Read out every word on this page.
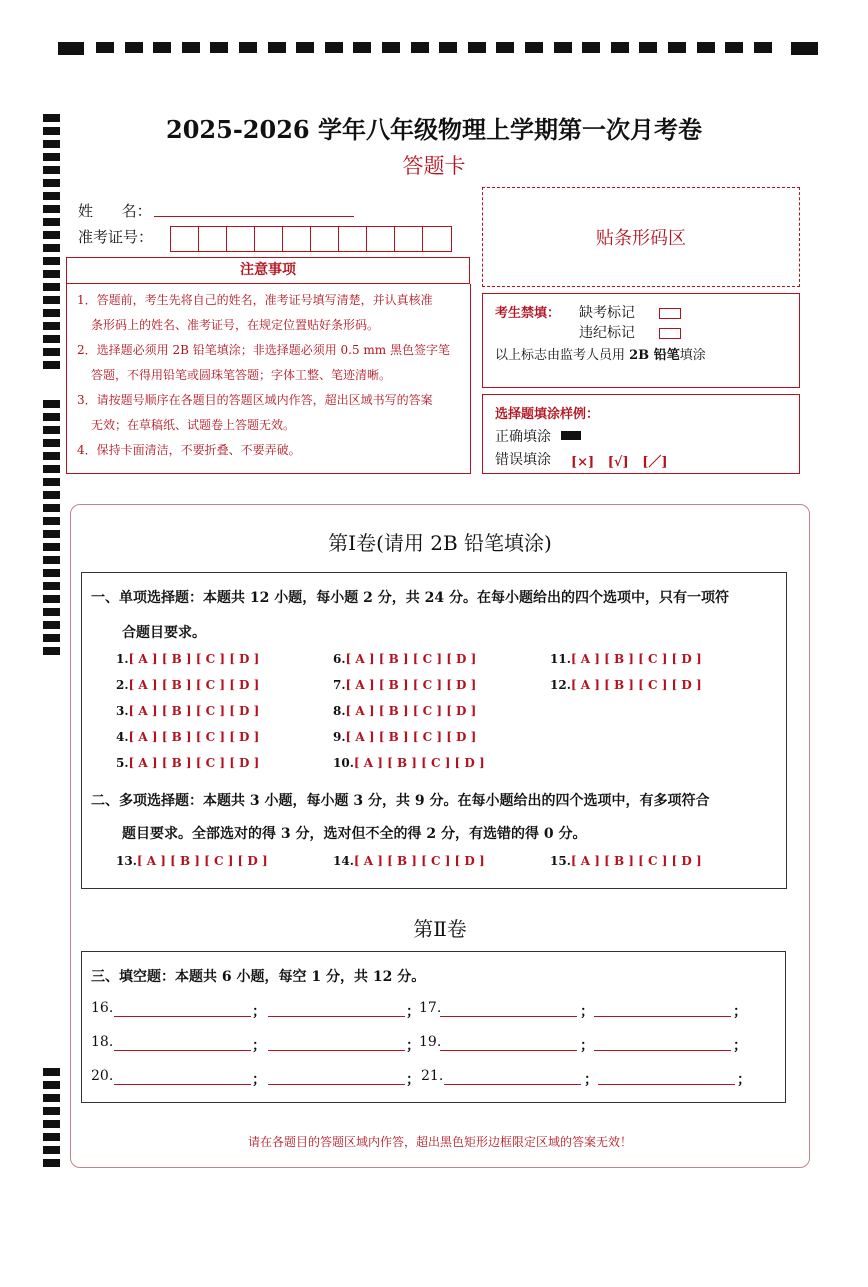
2025-2026 学年八年级物理上学期第一次月考卷
答题卡
姓      名：
准考证号：	贴条形码区
注意事项
1．答题前，考生先将自己的姓名，准考证号填写清楚，并认真核准
条形码上的姓名、准考证号，在规定位置贴好条形码。
2．选择题必须用 2B 铅笔填涂；非选择题必须用 0.5 mm 黑色签字笔
答题，不得用铅笔或圆珠笔答题；字体工整、笔迹清晰。
3．请按题号顺序在各题目的答题区域内作答，超出区域书写的答案
无效；在草稿纸、试题卷上答题无效。
4．保持卡面清洁，不要折叠、不要弄破。
考生禁填： 缺考标记
违纪标记
以上标志由监考人员用 2B 铅笔填涂
选择题填涂样例：
正确填涂
错误填涂 [×]   [√]   [／]
第Ⅰ卷(请用 2B 铅笔填涂)
一、单项选择题：本题共 12 小题，每小题 2 分，共 24 分。在每小题给出的四个选项中，只有一项符
合题目要求。
二、多项选择题：本题共 3 小题，每小题 3 分，共 9 分。在每小题给出的四个选项中，有多项符合
题目要求。全部选对的得 3 分，选对但不全的得 2 分，有选错的得 0 分。
1.[ A ] [ B ] [ C ] [ D ]
2.[ A ] [ B ] [ C ] [ D ]
3.[ A ] [ B ] [ C ] [ D ]
4.[ A ] [ B ] [ C ] [ D ]
5.[ A ] [ B ] [ C ] [ D ]
6.[ A ] [ B ] [ C ] [ D ]
7.[ A ] [ B ] [ C ] [ D ]
8.[ A ] [ B ] [ C ] [ D ]
9.[ A ] [ B ] [ C ] [ D ]
10.[ A ] [ B ] [ C ] [ D ]
11.[ A ] [ B ] [ C ] [ D ]
12.[ A ] [ B ] [ C ] [ D ]
13.[ A ] [ B ] [ C ] [ D ]	14.[ A ] [ B ] [ C ] [ D ]	15.[ A ] [ B ] [ C ] [ D ]
第Ⅱ卷
三、填空题：本题共 6 小题，每空 1 分，共 12 分。
16.	；	； 17.	；	；
18.	；	； 19.	；	；
20.	；	； 21.	；	；
请在各题目的答题区域内作答，超出黑色矩形边框限定区域的答案无效！
